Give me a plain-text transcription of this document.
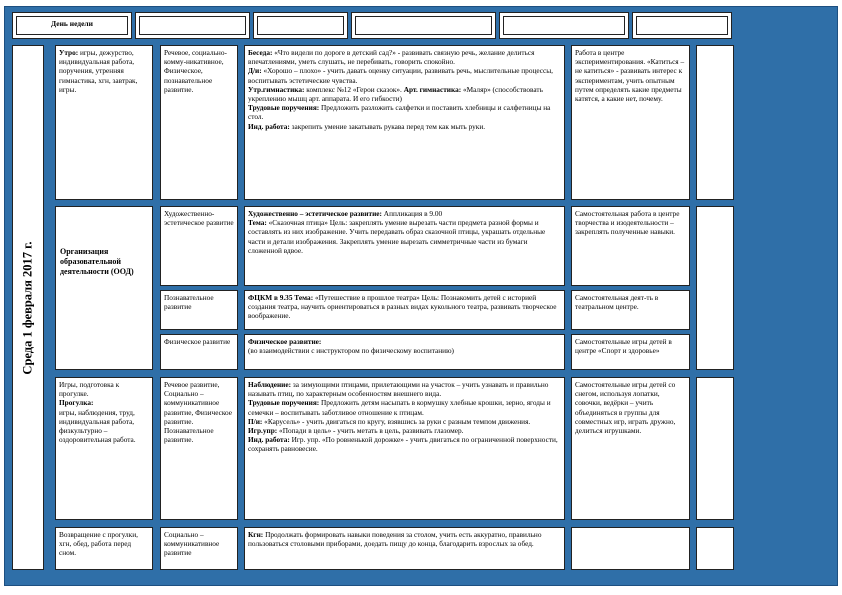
День недели
Среда 1 февраля 2017 г.
Утро: игры, дежурство, индивидуальная работа, поручения, утренняя гимнастика, хгн, завтрак, игры.
Речевое, социально-комму-никативное, Физическое, познавательное развитие.

Беседа: «Что видели по дороге в детский сад?» - развивать связную речь, желание делиться впечатлениями, уметь слушать, не перебивать, говорить спокойно.

Д/и: «Хорошо – плохо» - учить давать оценку ситуации, развивать речь, мыслительные процессы, воспитывать эстетические чувства.

Утр.гимнастика: комплекс №12 «Герои сказок». Арт. гимнастика: «Маляр» (способствовать укреплению мышц арт. аппарата. И его гибкости)

Трудовые поручения: Предложить разложить салфетки и поставить хлебницы и салфетницы на стол.

Инд. работа: закрепить умение закатывать рукава перед тем как мыть руки.

Работа в центре экспериментирования. «Катиться – не катиться» - развивать интерес к экспериментам, учить опытным путем определять какие предметы катятся, а какие нет, почему.
Организация образовательной деятельности (ООД)
Художественно-эстетическое развитие

Художественно – эстетическое развитие: Аппликация в 9.00

Тема: «Сказочная птица» Цель: закреплять умение вырезать части предмета разной формы и составлять из них изображение. Учить передавать образ сказочной птицы, украшать отдельные части и детали изображения. Закреплять умение вырезать симметричные части из бумаги сложенной вдвое.

Самостоятельная работа в центре творчества и изодеятельности – закреплять полученные навыки.
Познавательное развитие

ФЦКМ в 9.35 Тема: «Путешествие в прошлое театра» Цель: Познакомить детей с историей создания театра, научить ориентироваться в разных видах кукольного театра, развивать творческое воображение.

Самостоятельная деят-ть в театральном центре.
Физическое развитие	Физическое развитие:

(во взаимодействии с инструктором по физическому воспитанию)

Самостоятельные игры детей в центре «Спорт и здоровье»

Игры, подготовка к прогулке.

Прогулка:

игры, наблюдения, труд, индивидуальная работа, физкультурно – оздоровительная работа.

Речевое развитие, Социально – коммуникативное развитие, Физическое развитие. Познавательное развитие.

Наблюдение: за зимующими птицами, прилетающими на участок – учить узнавать и правильно называть птиц, по характерным особенностям внешнего вида.

Трудовые поручения: Предложить детям насыпать в кормушку хлебные крошки, зерно, ягоды и семечки – воспитывать заботливое отношение к птицам.

П/и: «Карусель» - учить двигаться по кругу, взявшись за руки с разным темпом движения.

Игр.упр: «Попади в цель» - учить метать в цель, развивать глазомер.

Инд. работа: Игр. упр. «По ровненькой дорожке» - учить двигаться по ограниченной поверхности, сохранять равновесие.

Самостоятельные игры детей со снегом, используя лопатки, совочки, ведёрки – учить объединяться в группы для совместных игр, играть дружно, делиться игрушками.
Возвращение с прогулки, хгн, обед, работа перед сном.
Социально – коммуникативное развитие

Кгн: Продолжать формировать навыки поведения за столом, учить есть аккуратно, правильно пользоваться столовыми приборами, доедать пищу до конца, благодарить взрослых за обед.
